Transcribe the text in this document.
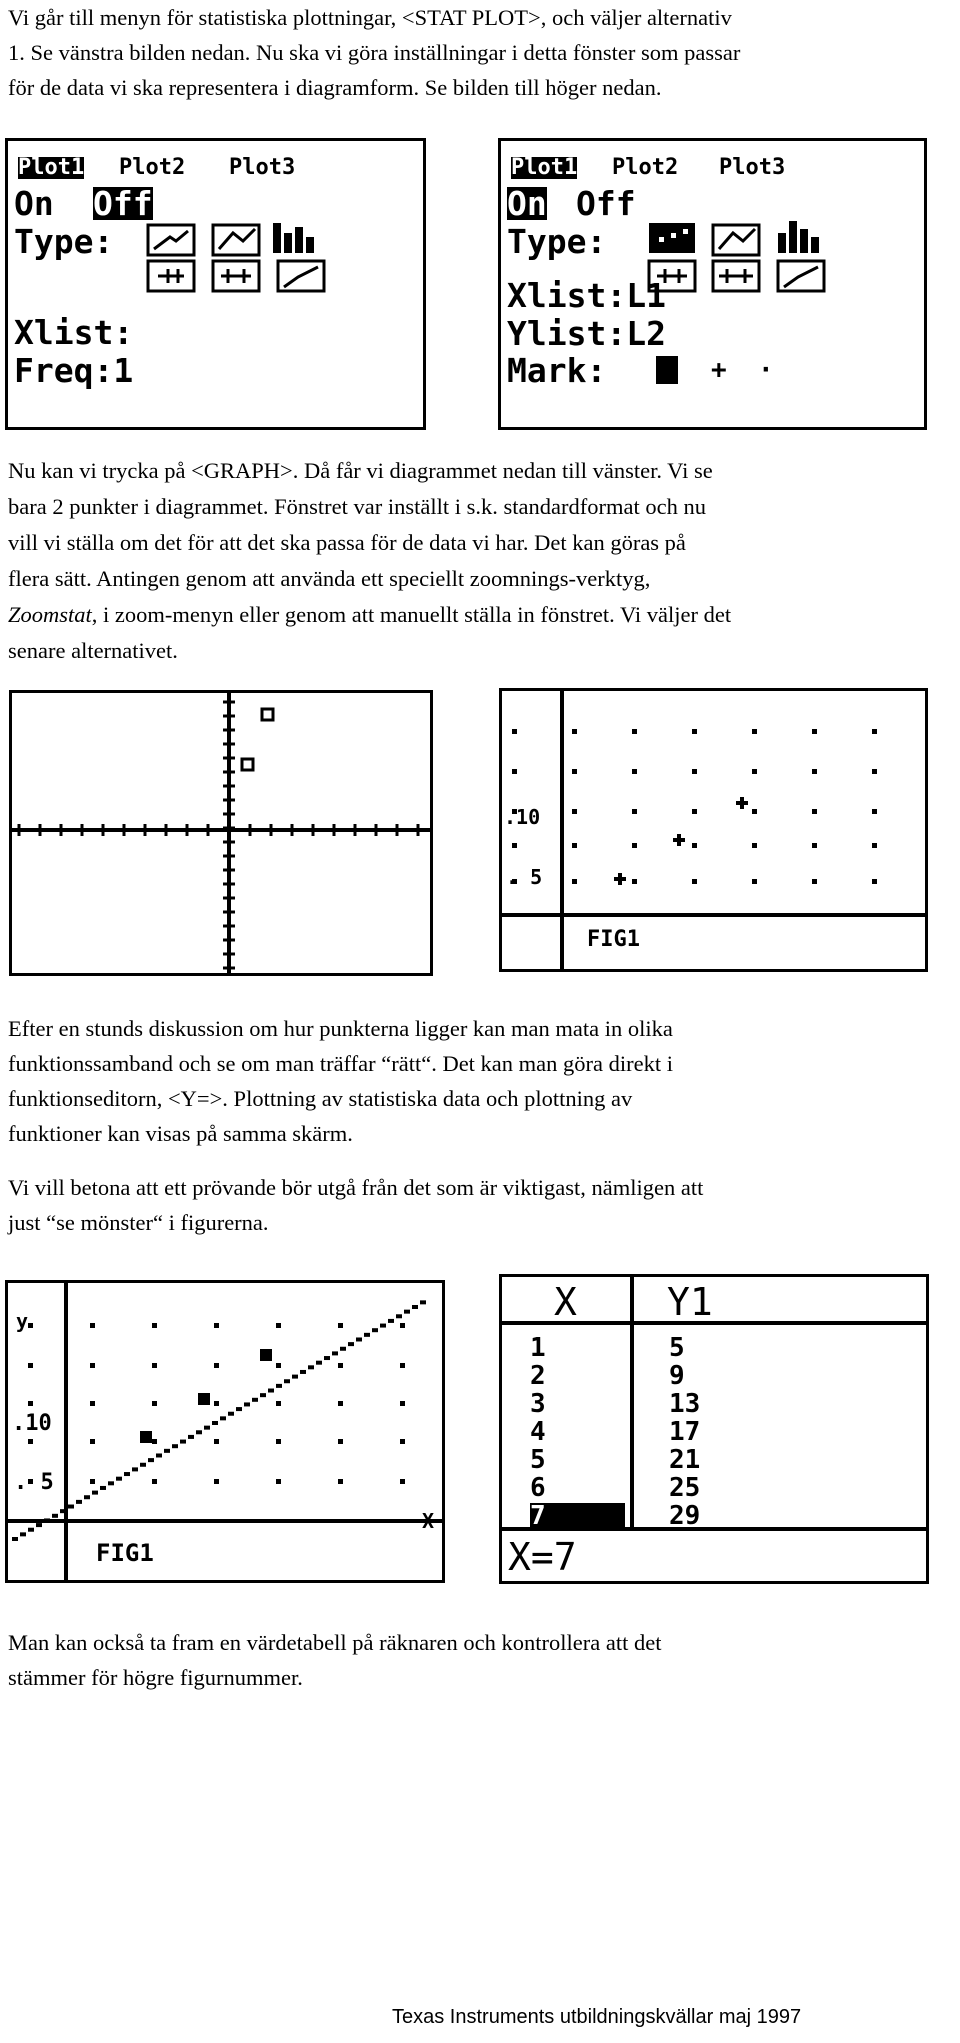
Vi går till menyn för statistiska plottningar, <STAT PLOT>, och väljer alternativ
1. Se vänstra bilden nedan. Nu ska vi göra inställningar i detta fönster som passar
för de data vi ska representera i diagramform. Se bilden till höger nedan.

Plot1 Plot2 Plot3
On Off
Type:
Xlist:
Freq:1
Plot1 Plot2 Plot3
On Off
Type:
Xlist:L1
Ylist:L2
Mark:	+ ·

Nu kan vi trycka på <GRAPH>. Då får vi diagrammet nedan till vänster. Vi se
bara 2 punkter i diagrammet. Fönstret var inställt i s.k. standardformat och nu
vill vi ställa om det för att det ska passa för de data vi har. Det kan göras på
flera sätt. Antingen genom att använda ett speciellt zoomnings-verktyg,
Zoomstat, i zoom-menyn eller genom att manuellt ställa in fönstret. Vi väljer det
senare alternativet.

.10
. 5
FIG1

Efter en stunds diskussion om hur punkterna ligger kan man mata in olika
funktionssamband och se om man träffar “rätt“. Det kan man göra direkt i
funktionseditorn, <Y=>. Plottning av statistiska data och plottning av
funktioner kan visas på samma skärm.

Vi vill betona att ett prövande bör utgå från det som är viktigast, nämligen att
just “se mönster“ i figurerna.

y
.10
. 5
X
FIG1
X Y1
1	5
2	9
3	13
4	17
5	21
6	25
7	29
X=7

Man kan också ta fram en värdetabell på räknaren och kontrollera att det
stämmer för högre figurnummer.

Texas Instruments utbildningskvällar maj 1997
